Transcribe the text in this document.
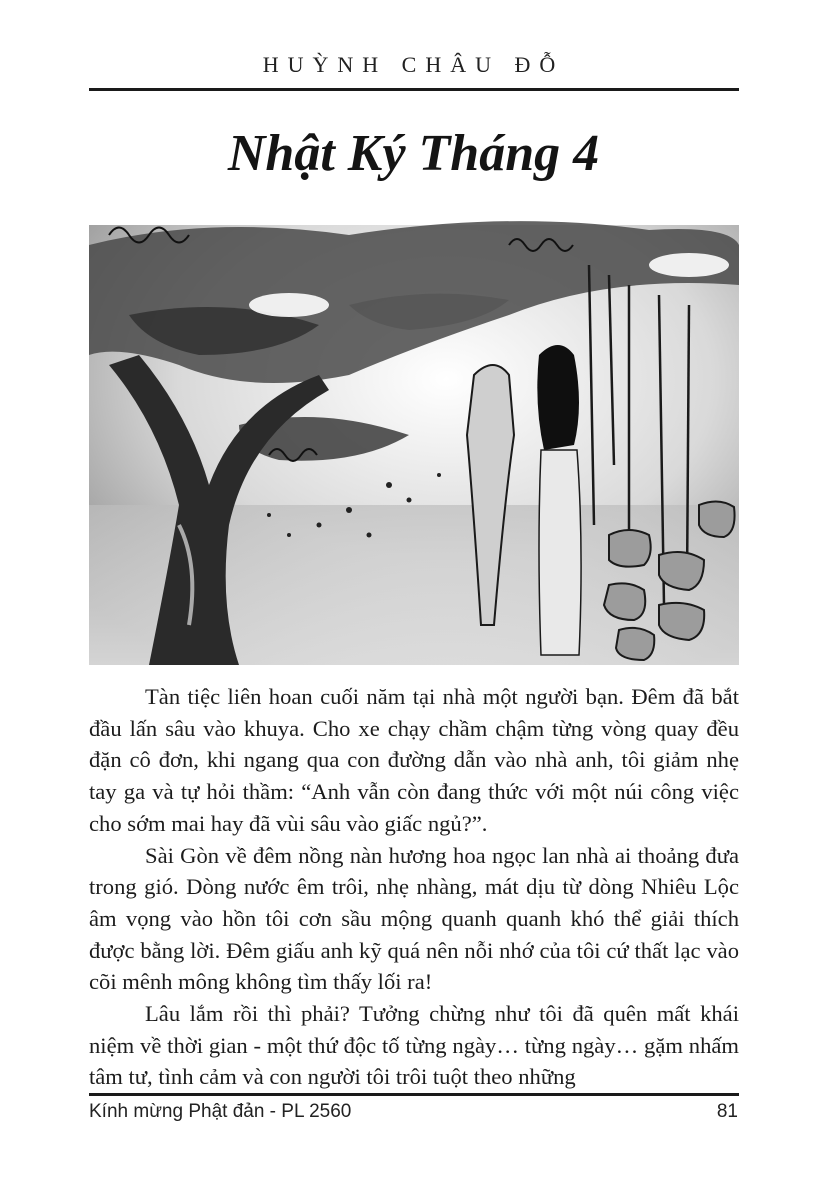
HUỲNH CHÂU ĐỖ
Nhật Ký Tháng 4

Tàn tiệc liên hoan cuối năm tại nhà một người bạn. Đêm đã bắt đầu lấn sâu vào khuya. Cho xe chạy chầm chậm từng vòng quay đều đặn cô đơn, khi ngang qua con đường dẫn vào nhà anh, tôi giảm nhẹ tay ga và tự hỏi thầm: “Anh vẫn còn đang thức với một núi công việc cho sớm mai hay đã vùi sâu vào giấc ngủ?”.

Sài Gòn về đêm nồng nàn hương hoa ngọc lan nhà ai thoảng đưa trong gió. Dòng nước êm trôi, nhẹ nhàng, mát dịu từ dòng Nhiêu Lộc âm vọng vào hồn tôi cơn sầu mộng quanh quanh khó thể giải thích được bằng lời. Đêm giấu anh kỹ quá nên nỗi nhớ của tôi cứ thất lạc vào cõi mênh mông không tìm thấy lối ra!

Lâu lắm rồi thì phải? Tưởng chừng như tôi đã quên mất khái niệm về thời gian - một thứ độc tố từng ngày… từng ngày… gặm nhấm tâm tư, tình cảm và con người tôi trôi tuột theo những

Kính mừng Phật đản - PL 2560	81
